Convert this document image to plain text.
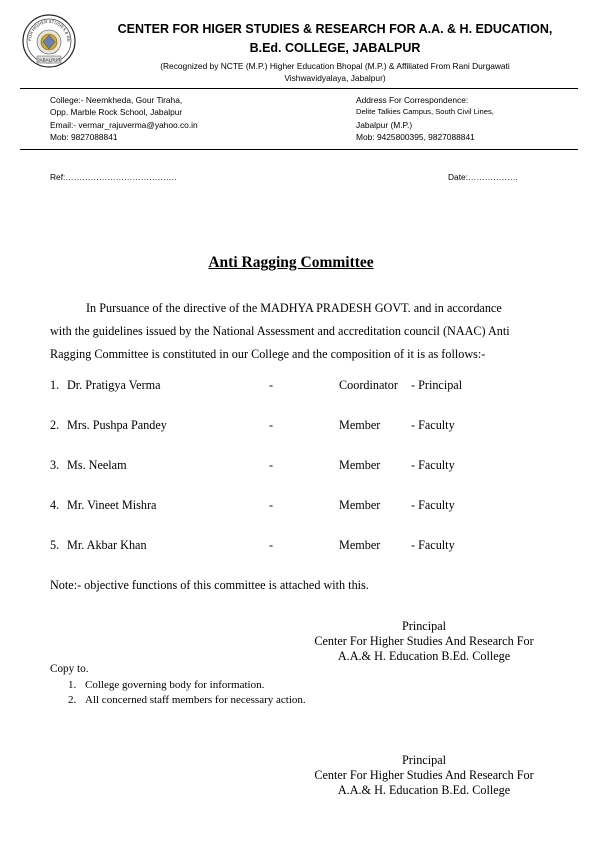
FOR HIGHER STUDIES & RE
JABALPUR
CENTER FOR HIGER STUDIES & RESEARCH FOR A.A. & H. EDUCATION,
B.Ed. COLLEGE, JABALPUR
(Recognized by NCTE (M.P.) Higher Education Bhopal (M.P.) & Affiliated From Rani Durgawati
Vishwavidyalaya, Jabalpur)
College:- Neemkheda, Gour Tiraha,
Opp. Marble Rock School, Jabalpur
Email:- vermar_rajuverma@yahoo.co.in
Mob: 9827088841
Address For Correspondence:
Delite Talkies Campus, South Civil Lines,
Jabalpur (M.P.)
Mob: 9425800395, 9827088841
Ref:………………………………….	Date:………………
Anti Ragging Committee
In Pursuance of the directive of the MADHYA PRADESH GOVT. and in accordance
with the guidelines issued by the National Assessment and accreditation council (NAAC) Anti
Ragging Committee is constituted in our College and the composition of it is as follows:-
1. Dr. Pratigya Verma	-	Coordinator - Principal
2. Mrs. Pushpa Pandey	-	Member	- Faculty
3. Ms. Neelam	-	Member	- Faculty
4. Mr. Vineet Mishra	-	Member	- Faculty
5. Mr. Akbar Khan	-	Member	- Faculty
Note:- objective functions of this committee is attached with this.
Principal
Center For Higher Studies And Research For
A.A.& H. Education B.Ed. College
Copy to.
1. College governing body for information.
2. All concerned staff members for necessary action.
Principal
Center For Higher Studies And Research For
A.A.& H. Education B.Ed. College
